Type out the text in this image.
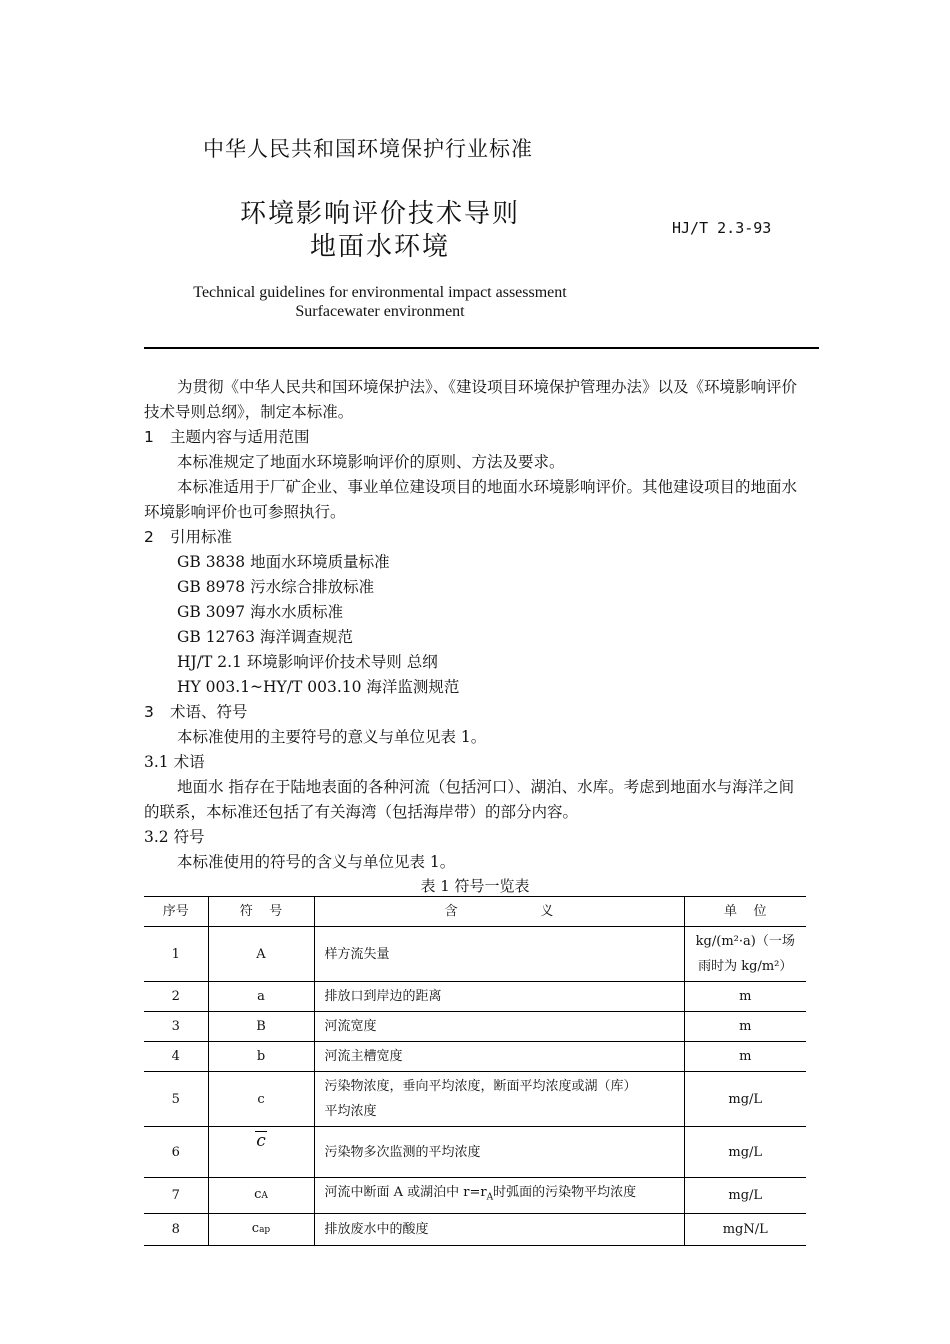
中华人民共和国环境保护行业标准
环境影响评价技术导则
地面水环境
HJ/T 2.3-93
Technical guidelines for environmental impact assessment
Surfacewater environment
为贯彻《中华人民共和国环境保护法》、《建设项目环境保护管理办法》以及《环境影响评价技术导则总纲》，制定本标准。
1 主题内容与适用范围
本标准规定了地面水环境影响评价的原则、方法及要求。
本标准适用于厂矿企业、事业单位建设项目的地面水环境影响评价。其他建设项目的地面水环境影响评价也可参照执行。
2 引用标准
GB 3838 地面水环境质量标准
GB 8978 污水综合排放标准
GB 3097 海水水质标准
GB 12763 海洋调查规范
HJ/T 2.1 环境影响评价技术导则 总纲
HY 003.1~HY/T 003.10 海洋监测规范
3 术语、符号
本标准使用的主要符号的意义与单位见表 1。
3.1 术语
地面水 指存在于陆地表面的各种河流（包括河口）、湖泊、水库。考虑到地面水与海洋之间的联系，本标准还包括了有关海湾（包括海岸带）的部分内容。
3.2 符号
本标准使用的符号的含义与单位见表 1。
表 1 符号一览表
序号	符    号	含                    义	单    位
1	A	样方流失量	kg/(m²·a)（一场
雨时为 kg/m²）
2	a	排放口到岸边的距离	m
3	B	河流宽度	m
4	b	河流主槽宽度	m
5	c	污染物浓度，垂向平均浓度，断面平均浓度或湖（库）
平均浓度	mg/L
6	c	污染物多次监测的平均浓度	mg/L
7	cA	河流中断面 A 或湖泊中 $r=r_A$时弧面的污染物平均浓度	mg/L
8	cap	排放废水中的酸度	mgN/L
